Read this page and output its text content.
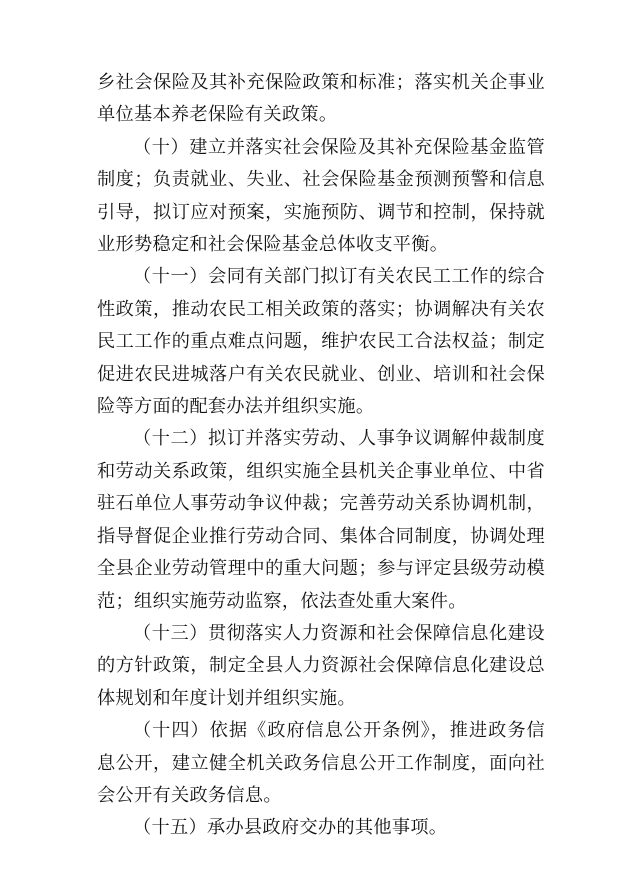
乡社会保险及其补充保险政策和标准；落实机关企事业单位基本养老保险有关政策。

（十）建立并落实社会保险及其补充保险基金监管制度；负责就业、失业、社会保险基金预测预警和信息引导，拟订应对预案，实施预防、调节和控制，保持就业形势稳定和社会保险基金总体收支平衡。

（十一）会同有关部门拟订有关农民工工作的综合性政策，推动农民工相关政策的落实；协调解决有关农民工工作的重点难点问题，维护农民工合法权益；制定促进农民进城落户有关农民就业、创业、培训和社会保险等方面的配套办法并组织实施。

（十二）拟订并落实劳动、人事争议调解仲裁制度和劳动关系政策，组织实施全县机关企事业单位、中省驻石单位人事劳动争议仲裁；完善劳动关系协调机制，指导督促企业推行劳动合同、集体合同制度，协调处理全县企业劳动管理中的重大问题；参与评定县级劳动模范；组织实施劳动监察，依法查处重大案件。

（十三）贯彻落实人力资源和社会保障信息化建设的方针政策，制定全县人力资源社会保障信息化建设总体规划和年度计划并组织实施。

（十四）依据《政府信息公开条例》，推进政务信息公开，建立健全机关政务信息公开工作制度，面向社会公开有关政务信息。

（十五）承办县政府交办的其他事项。
